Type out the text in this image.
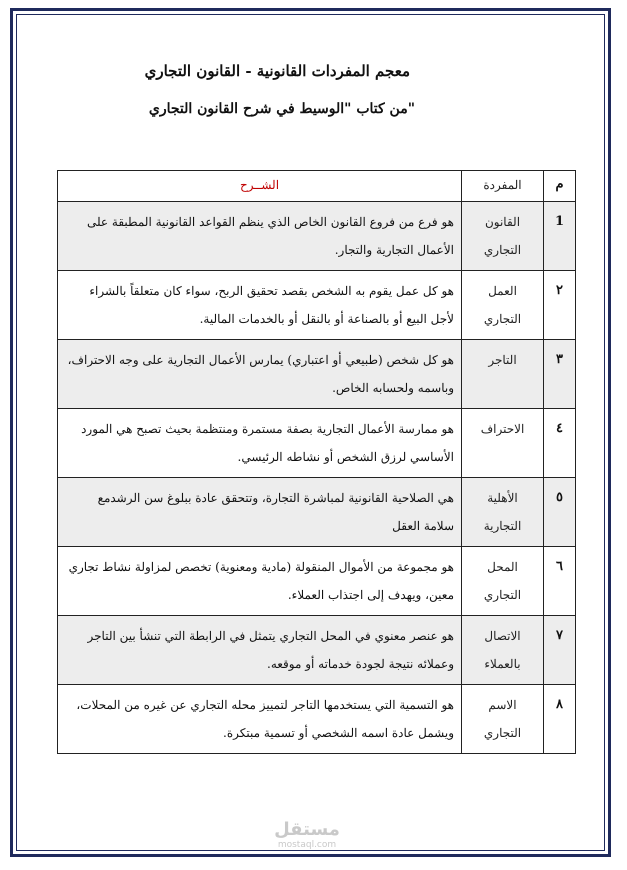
معجم المفردات القانونية - القانون التجاري
"من كتاب "الوسيط في شرح القانون التجاري
م	المفردة	الشــرح
1	القانون التجاري	هو فرع من فروع القانون الخاص الذي ينظم القواعد القانونية المطبقة على الأعمال التجارية والتجار.
٢	العمل التجاري	هو كل عمل يقوم به الشخص بقصد تحقيق الربح، سواء كان متعلقاً بالشراء لأجل البيع أو بالصناعة أو بالنقل أو بالخدمات المالية.
٣	التاجر	هو كل شخص (طبيعي أو اعتباري) يمارس الأعمال التجارية على وجه الاحتراف، وباسمه ولحسابه الخاص.
٤	الاحتراف	هو ممارسة الأعمال التجارية بصفة مستمرة ومنتظمة بحيث تصبح هي المورد الأساسي لرزق الشخص أو نشاطه الرئيسي.
٥	الأهلية التجارية	هي الصلاحية القانونية لمباشرة التجارة، وتتحقق عادة ببلوغ سن الرشدمع سلامة العقل
٦	المحل التجاري	هو مجموعة من الأموال المنقولة (مادية ومعنوية) تخصص لمزاولة نشاط تجاري معين، ويهدف إلى اجتذاب العملاء.
٧	الاتصال بالعملاء	هو عنصر معنوي في المحل التجاري يتمثل في الرابطة التي تنشأ بين التاجر وعملائه نتيجة لجودة خدماته أو موقعه.
٨	الاسم التجاري	هو التسمية التي يستخدمها التاجر لتمييز محله التجاري عن غيره من المحلات، ويشمل عادة اسمه الشخصي أو تسمية مبتكرة.
مستقل
mostaql.com
